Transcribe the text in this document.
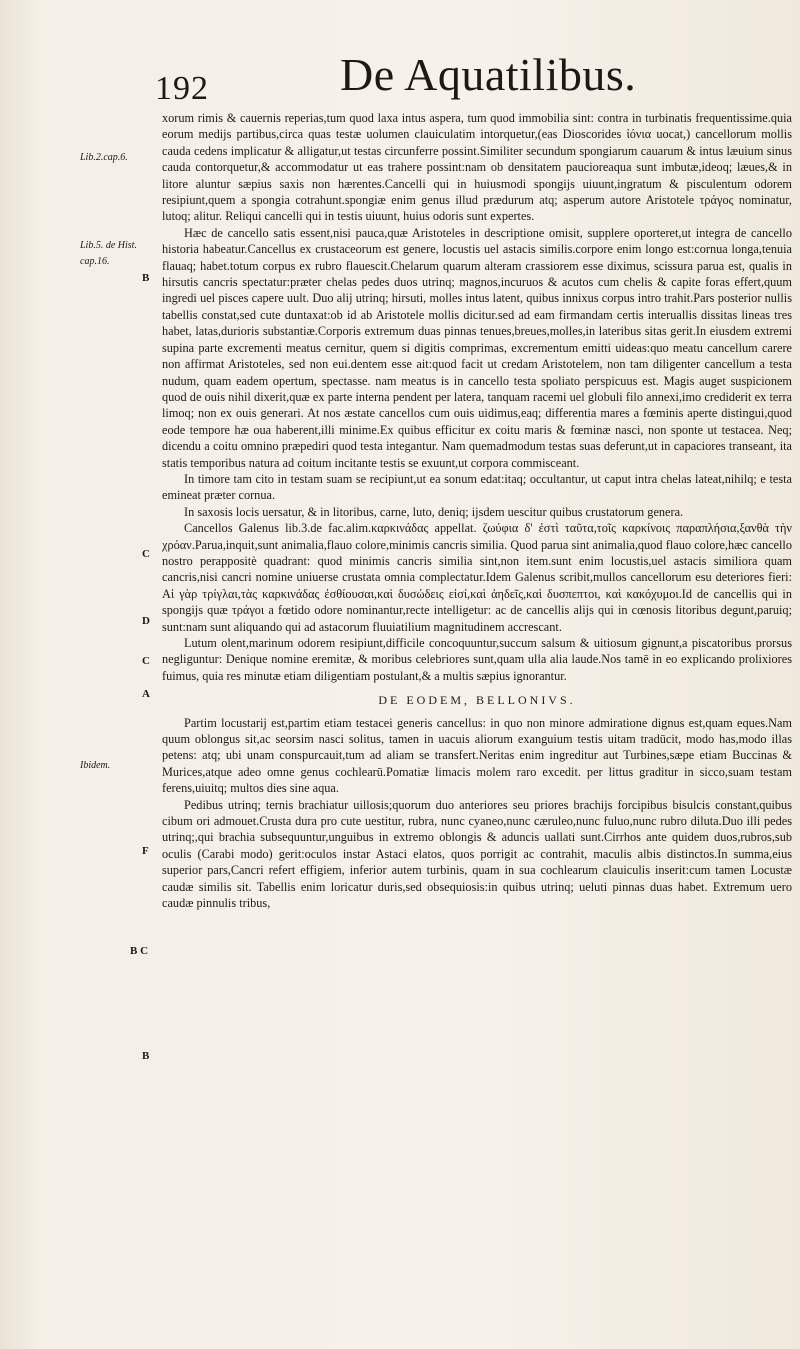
192	De Aquatilibus.
Lib.2.cap.6.
Lib.5. de Hist.
cap.16.
Ibidem.
B
C
D
C
A
F
B C
B

xorum rimis & cauernis reperias,tum quod laxa intus aspera, tum quod immobilia sint: contra in turbinatis frequentissime.quia eorum medijs partibus,circa quas testæ uolumen clauiculatim intorquetur,(eas Dioscorides ἰόνια uocat,) cancellorum mollis cauda cedens implicatur & alligatur,ut testas circunferre possint.Similiter secundum spongiarum cauarum & intus læuium sinus cauda contorquetur,& accommodatur ut eas trahere possint:nam ob densitatem paucioreaqua sunt imbutæ,ideoq; læues,& in litore aluntur sæpius saxis non hærentes.Cancelli qui in huiusmodi spongijs uiuunt,ingratum & pisculentum odorem resipiunt,quem a spongia cotrahunt.spongiæ enim genus illud prædurum atq; asperum autore Aristotele τράγος nominatur, lutoq; alitur. Reliqui cancelli qui in testis uiuunt, huius odoris sunt expertes.

Hæc de cancello satis essent,nisi pauca,quæ Aristoteles in descriptione omisit, supplere oporteret,ut integra de cancello historia habeatur.Cancellus ex crustaceorum est genere, locustis uel astacis similis.corpore enim longo est:cornua longa,tenuia flauaq; habet.totum corpus ex rubro flauescit.Chelarum quarum alteram crassiorem esse diximus, scissura parua est, qualis in hirsutis cancris spectatur:præter chelas pedes duos utrinq; magnos,incuruos & acutos cum chelis & capite foras effert,quum ingredi uel pisces capere uult. Duo alij utrinq; hirsuti, molles intus latent, quibus innixus corpus intro trahit.Pars posterior nullis tabellis constat,sed cute duntaxat:ob id ab Aristotele mollis dicitur.sed ad eam firmandam certis interuallis dissitas lineas tres habet, latas,durioris substantiæ.Corporis extremum duas pinnas tenues,breues,molles,in lateribus sitas gerit.In eiusdem extremi supina parte excrementi meatus cernitur, quem si digitis comprimas, excrementum emitti uideas:quo meatu cancellum carere non affirmat Aristoteles, sed non eui.dentem esse ait:quod facit ut credam Aristotelem, non tam diligenter cancellum a testa nudum, quam eadem opertum, spectasse. nam meatus is in cancello testa spoliato perspicuus est. Magis auget suspicionem quod de ouis nihil dixerit,quæ ex parte interna pendent per latera, tanquam racemi uel globuli filo annexi,imo crediderit ex terra limoq; non ex ouis generari. At nos æstate cancellos cum ouis uidimus,eaq; differentia mares a fœminis aperte distingui,quod eode tempore hæ oua haberent,illi minime.Ex quibus efficitur ex coitu maris & fœminæ nasci, non sponte ut testacea. Neq; dicendu a coitu omnino præpediri quod testa integantur. Nam quemadmodum testas suas deferunt,ut in capaciores transeant, ita statis temporibus natura ad coitum incitante testis se exuunt,ut corpora commisceant.

In timore tam cito in testam suam se recipiunt,ut ea sonum edat:itaq; occultantur, ut caput intra chelas lateat,nihilq; e testa emineat præter cornua.

In saxosis locis uersatur, & in litoribus, carne, luto, deniq; ijsdem uescitur quibus crustatorum genera.

Cancellos Galenus lib.3.de fac.alim.καρκινάδας appellat. ζωύφια δ' ἐστὶ ταῦτα,τοῖς καρκίνοις παραπλήσια,ξανθὰ τὴν χρόαν.Parua,inquit,sunt animalia,flauo colore,minimis cancris similia. Quod parua sint animalia,quod flauo colore,hæc cancello nostro perappositè quadrant: quod minimis cancris similia sint,non item.sunt enim locustis,uel astacis similiora quam cancris,nisi cancri nomine uniuerse crustata omnia complectatur.Idem Galenus scribit,mullos cancellorum esu deteriores fieri: Αἱ γὰρ τρίγλαι,τὰς καρκινάδας ἐσθίουσαι,καὶ δυσώδεις εἰσί,καὶ ἀηδεῖς,καὶ δυσπεπτοι, καὶ κακόχυμοι.Id de cancellis qui in spongijs quæ τράγοι a fœtido odore nominantur,recte intelligetur: ac de cancellis alijs qui in cœnosis litoribus degunt,paruiq; sunt:nam sunt aliquando qui ad astacorum fluuiatilium magnitudinem accrescant.

Lutum olent,marinum odorem resipiunt,difficile concoquuntur,succum salsum & uitiosum gignunt,a piscatoribus prorsus negliguntur: Denique nomine eremitæ, & moribus celebriores sunt,quam ulla alia laude.Nos tamē in eo explicando prolixiores fuimus, quia res minutæ etiam diligentiam postulant,& a multis sæpius ignorantur.

DE EODEM, BELLONIVS.

Partim locustarij est,partim etiam testacei generis cancellus: in quo non minore admiratione dignus est,quam eques.Nam quum oblongus sit,ac seorsim nasci solitus, tamen in uacuis aliorum exanguium testis uitam tradūcit, modo has,modo illas petens: atq; ubi unam conspurcauit,tum ad aliam se transfert.Neritas enim ingreditur aut Turbines,sæpe etiam Buccinas & Murices,atque adeo omne genus cochlearū.Pomatiæ limacis molem raro excedit. per littus graditur in sicco,suam testam ferens,uiuitq; multos dies sine aqua.

Pedibus utrinq; ternis brachiatur uillosis;quorum duo anteriores seu priores brachijs forcipibus bisulcis constant,quibus cibum ori admouet.Crusta dura pro cute uestitur, rubra, nunc cyaneo,nunc cæruleo,nunc fuluo,nunc rubro diluta.Duo illi pedes utrinq;,qui brachia subsequuntur,unguibus in extremo oblongis & aduncis uallati sunt.Cirrhos ante quidem duos,rubros,sub oculis (Carabi modo) gerit:oculos instar Astaci elatos, quos porrigit ac contrahit, maculis albis distinctos.In summa,eius superior pars,Cancri refert effigiem, inferior autem turbinis, quam in sua cochlearum clauiculis inserit:cum tamen Locustæ caudæ similis sit. Tabellis enim loricatur duris,sed obsequiosis:in quibus utrinq; ueluti pinnas duas habet. Extremum uero caudæ pinnulis tribus,
